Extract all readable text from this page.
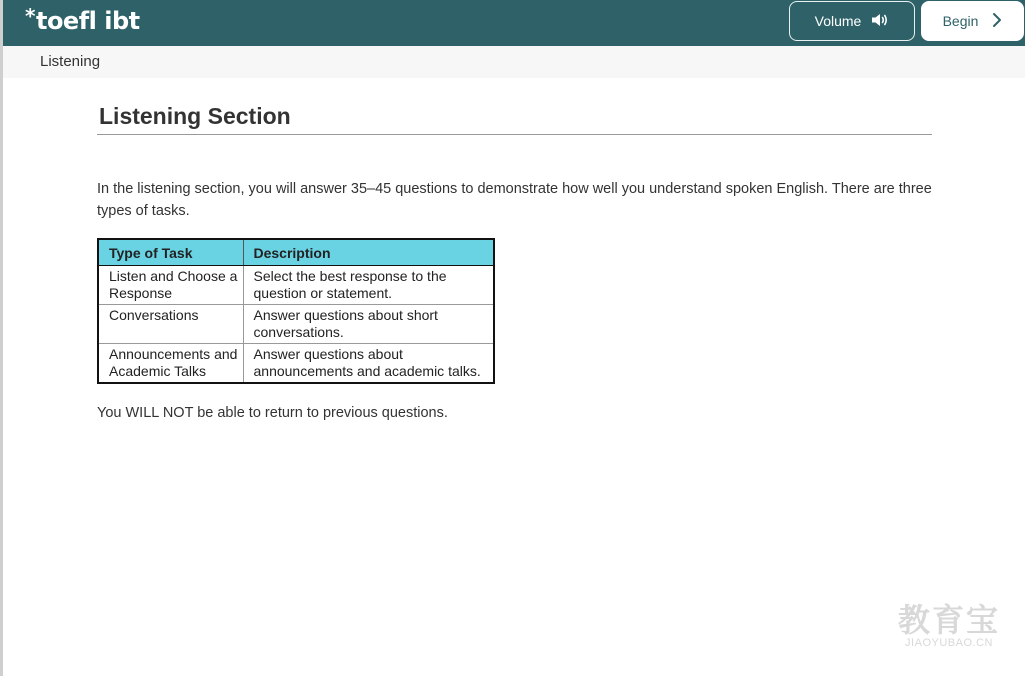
*toefl ibt	Volume	Begin
Listening
Listening Section

In the listening section, you will answer 35–45 questions to demonstrate how well you understand spoken English. There are three types of tasks.

Type of Task	Description
Listen and Choose a Response	Select the best response to the question or statement.
Conversations	Answer questions about short conversations.
Announcements and Academic Talks	Answer questions about announcements and academic talks.

You WILL NOT be able to return to previous questions.

教育宝
JIAOYUBAO.CN
